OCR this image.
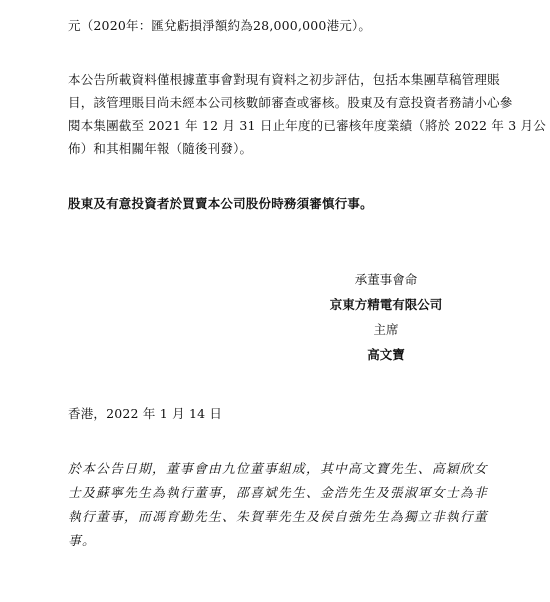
元（2020年：匯兌虧損淨額約為28,000,000港元）。
本公告所載資料僅根據董事會對現有資料之初步評估，包括本集團草稿管理賬
目，該管理賬目尚未經本公司核數師審查或審核。股東及有意投資者務請小心參
閱本集團截至 2021 年 12 月 31 日止年度的已審核年度業績（將於 2022 年 3 月公
佈）和其相關年報（隨後刊發）。
股東及有意投資者於買賣本公司股份時務須審慎行事。
承董事會命
京東方精電有限公司
主席
高文寶
香港，2022 年 1 月 14 日
於本公告日期，董事會由九位董事組成，其中高文寶先生、高穎欣女
士及蘇寧先生為執行董事，邵喜斌先生、金浩先生及張淑軍女士為非
執行董事，而馮育勤先生、朱賀華先生及侯自強先生為獨立非執行董
事。
